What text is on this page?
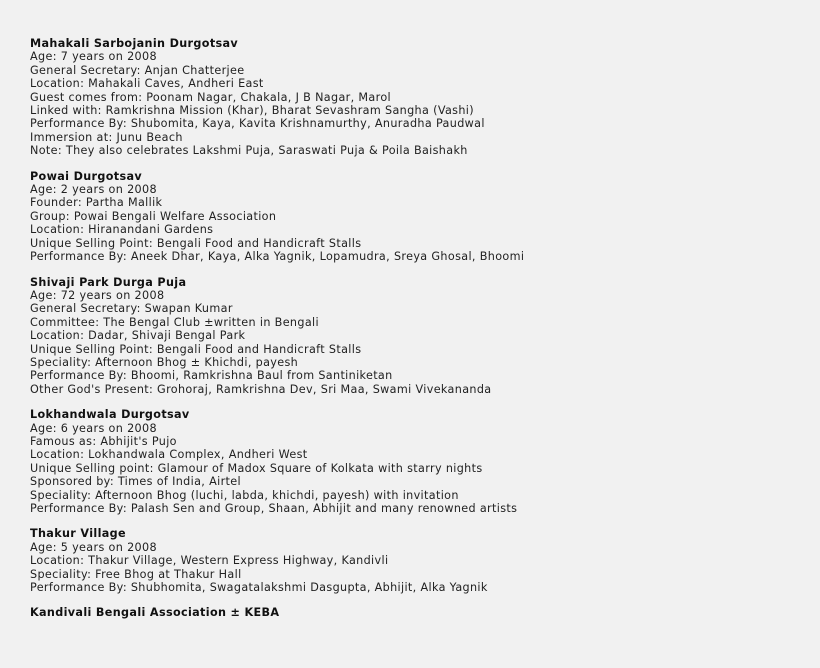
Mahakali Sarbojanin Durgotsav
Age: 7 years on 2008
General Secretary: Anjan Chatterjee
Location: Mahakali Caves, Andheri East
Guest comes from: Poonam Nagar, Chakala, J B Nagar, Marol
Linked with: Ramkrishna Mission (Khar), Bharat Sevashram Sangha (Vashi)
Performance By: Shubomita, Kaya, Kavita Krishnamurthy, Anuradha Paudwal
Immersion at: Junu Beach
Note: They also celebrates Lakshmi Puja, Saraswati Puja & Poila Baishakh
Powai Durgotsav
Age: 2 years on 2008
Founder: Partha Mallik
Group: Powai Bengali Welfare Association
Location: Hiranandani Gardens
Unique Selling Point: Bengali Food and Handicraft Stalls
Performance By: Aneek Dhar, Kaya, Alka Yagnik, Lopamudra, Sreya Ghosal, Bhoomi
Shivaji Park Durga Puja
Age: 72 years on 2008
General Secretary: Swapan Kumar
Committee: The Bengal Club ±written in Bengali
Location: Dadar, Shivaji Bengal Park
Unique Selling Point: Bengali Food and Handicraft Stalls
Speciality: Afternoon Bhog ± Khichdi, payesh
Performance By: Bhoomi, Ramkrishna Baul from Santiniketan
Other God's Present: Grohoraj, Ramkrishna Dev, Sri Maa, Swami Vivekananda
Lokhandwala Durgotsav
Age: 6 years on 2008
Famous as: Abhijit's Pujo
Location: Lokhandwala Complex, Andheri West
Unique Selling point: Glamour of Madox Square of Kolkata with starry nights
Sponsored by: Times of India, Airtel
Speciality: Afternoon Bhog (luchi, labda, khichdi, payesh) with invitation
Performance By: Palash Sen and Group, Shaan, Abhijit and many renowned artists
Thakur Village
Age: 5 years on 2008
Location: Thakur Village, Western Express Highway, Kandivli
Speciality: Free Bhog at Thakur Hall
Performance By: Shubhomita, Swagatalakshmi Dasgupta, Abhijit, Alka Yagnik
Kandivali Bengali Association ± KEBA
